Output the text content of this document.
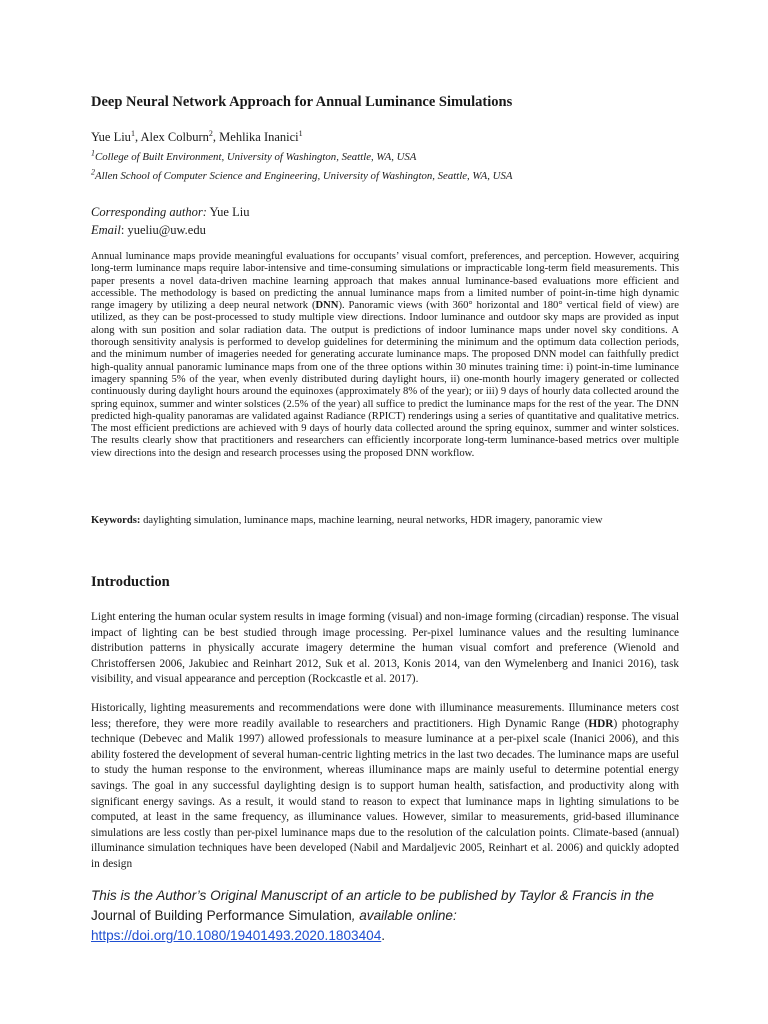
Deep Neural Network Approach for Annual Luminance Simulations
Yue Liu$^1$, Alex Colburn$^2$, Mehlika Inanici$^1$
$^1$College of Built Environment, University of Washington, Seattle, WA, USA
$^2$Allen School of Computer Science and Engineering, University of Washington, Seattle, WA, USA
Corresponding author: Yue Liu
Email: yueliu@uw.edu

Annual luminance maps provide meaningful evaluations for occupants’ visual comfort, preferences, and perception. However, acquiring long-term luminance maps require labor-intensive and time-consuming simulations or impracticable long-term field measurements. This paper presents a novel data-driven machine learning approach that makes annual luminance-based evaluations more efficient and accessible. The methodology is based on predicting the annual luminance maps from a limited number of point-in-time high dynamic range imagery by utilizing a deep neural network (DNN). Panoramic views (with 360° horizontal and 180° vertical field of view) are utilized, as they can be post-processed to study multiple view directions. Indoor luminance and outdoor sky maps are provided as input along with sun position and solar radiation data. The output is predictions of indoor luminance maps under novel sky conditions. A thorough sensitivity analysis is performed to develop guidelines for determining the minimum and the optimum data collection periods, and the minimum number of imageries needed for generating accurate luminance maps. The proposed DNN model can faithfully predict high-quality annual panoramic luminance maps from one of the three options within 30 minutes training time: i) point-in-time luminance imagery spanning 5% of the year, when evenly distributed during daylight hours, ii) one-month hourly imagery generated or collected continuously during daylight hours around the equinoxes (approximately 8% of the year); or iii) 9 days of hourly data collected around the spring equinox, summer and winter solstices (2.5% of the year) all suffice to predict the luminance maps for the rest of the year. The DNN predicted high-quality panoramas are validated against Radiance (RPICT) renderings using a series of quantitative and qualitative metrics. The most efficient predictions are achieved with 9 days of hourly data collected around the spring equinox, summer and winter solstices. The results clearly show that practitioners and researchers can efficiently incorporate long-term luminance-based metrics over multiple view directions into the design and research processes using the proposed DNN workflow.

Keywords: daylighting simulation, luminance maps, machine learning, neural networks, HDR imagery, panoramic view
Introduction

Light entering the human ocular system results in image forming (visual) and non-image forming (circadian) response. The visual impact of lighting can be best studied through image processing. Per-pixel luminance values and the resulting luminance distribution patterns in physically accurate imagery determine the human visual comfort and preference (Wienold and Christoffersen 2006, Jakubiec and Reinhart 2012, Suk et al. 2013, Konis 2014, van den Wymelenberg and Inanici 2016), task visibility, and visual appearance and perception (Rockcastle et al. 2017).

Historically, lighting measurements and recommendations were done with illuminance measurements. Illuminance meters cost less; therefore, they were more readily available to researchers and practitioners. High Dynamic Range (HDR) photography technique (Debevec and Malik 1997) allowed professionals to measure luminance at a per-pixel scale (Inanici 2006), and this ability fostered the development of several human-centric lighting metrics in the last two decades. The luminance maps are useful to study the human response to the environment, whereas illuminance maps are mainly useful to determine potential energy savings. The goal in any successful daylighting design is to support human health, satisfaction, and productivity along with significant energy savings. As a result, it would stand to reason to expect that luminance maps in lighting simulations to be computed, at least in the same frequency, as illuminance values. However, similar to measurements, grid-based illuminance simulations are less costly than per-pixel luminance maps due to the resolution of the calculation points. Climate-based (annual) illuminance simulation techniques have been developed (Nabil and Mardaljevic 2005, Reinhart et al. 2006) and quickly adopted in design

This is the Author’s Original Manuscript of an article to be published by Taylor & Francis in the Journal of Building Performance Simulation, available online: https://doi.org/10.1080/19401493.2020.1803404.
